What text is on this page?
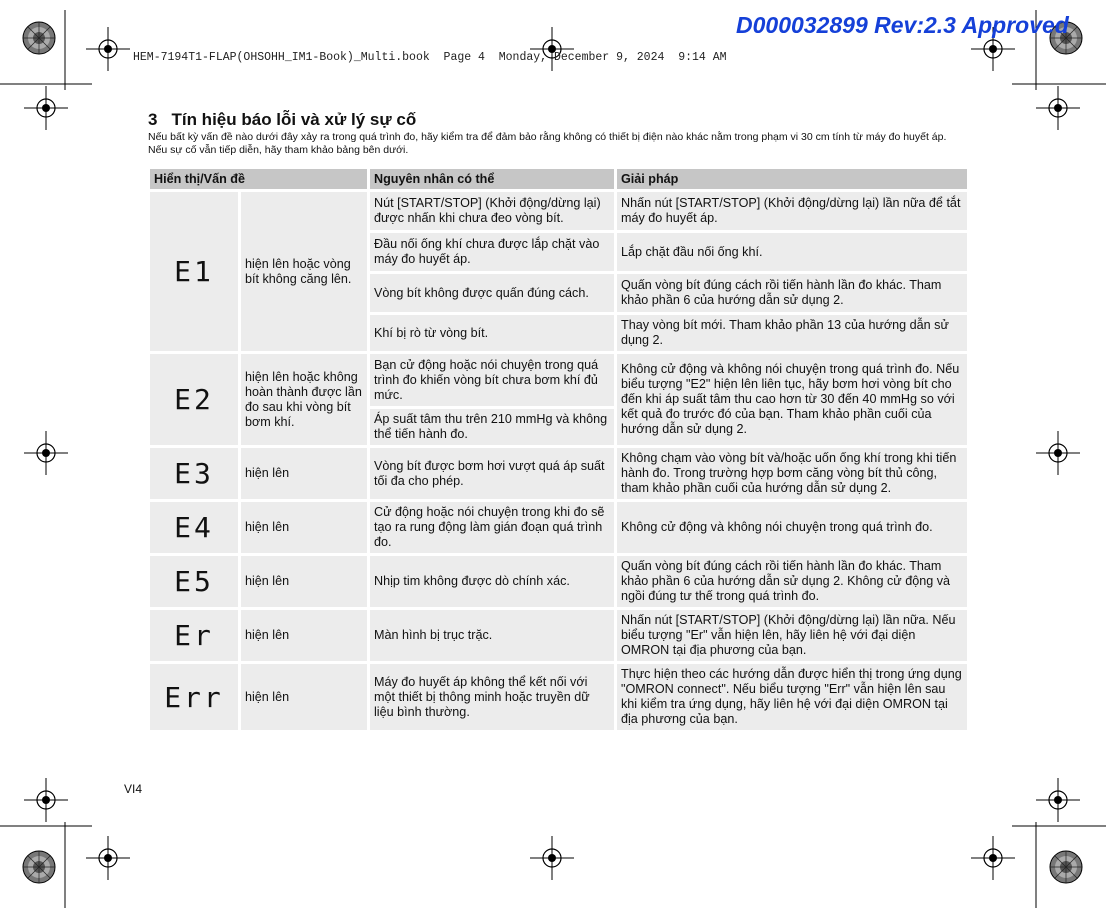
D000032899 Rev:2.3 Approved
HEM-7194T1-FLAP(OHSOHH_IM1-Book)_Multi.book  Page 4  Monday, December 9, 2024  9:14 AM
3 Tín hiệu báo lỗi và xử lý sự cố

Nếu bất kỳ vấn đề nào dưới đây xảy ra trong quá trình đo, hãy kiểm tra để đảm bảo rằng không có thiết bị điện nào khác nằm trong phạm vi 30 cm tính từ máy đo huyết áp. Nếu sự cố vẫn tiếp diễn, hãy tham khảo bảng bên dưới.

Hiển thị/Vấn đề		Nguyên nhân có thể	Giải pháp
E1	hiện lên hoặc vòng bít không căng lên.	Nút [START/STOP] (Khởi động/dừng lại) được nhấn khi chưa đeo vòng bít.	Nhấn nút [START/STOP] (Khởi động/dừng lại) lần nữa để tắt máy đo huyết áp.
		Đầu nối ống khí chưa được lắp chặt vào máy đo huyết áp.	Lắp chặt đầu nối ống khí.
		Vòng bít không được quấn đúng cách.	Quấn vòng bít đúng cách rồi tiến hành lần đo khác. Tham khảo phần 6 của hướng dẫn sử dụng 2.
		Khí bị rò từ vòng bít.	Thay vòng bít mới. Tham khảo phần 13 của hướng dẫn sử dụng 2.
E2	hiện lên hoặc không hoàn thành được lần đo sau khi vòng bít bơm khí.	Bạn cử động hoặc nói chuyện trong quá trình đo khiến vòng bít chưa bơm khí đủ mức.	Không cử động và không nói chuyện trong quá trình đo. Nếu biểu tượng "E2" hiện lên liên tục, hãy bơm hơi vòng bít cho đến khi áp suất tâm thu cao hơn từ 30 đến 40 mmHg so với kết quả đo trước đó của bạn. Tham khảo phần cuối của hướng dẫn sử dụng 2.
		Áp suất tâm thu trên 210 mmHg và không thể tiến hành đo.	
E3	hiện lên	Vòng bít được bơm hơi vượt quá áp suất tối đa cho phép.	Không chạm vào vòng bít và/hoặc uốn ống khí trong khi tiến hành đo. Trong trường hợp bơm căng vòng bít thủ công, tham khảo phần cuối của hướng dẫn sử dụng 2.
E4	hiện lên	Cử động hoặc nói chuyện trong khi đo sẽ tạo ra rung động làm gián đoạn quá trình đo.	Không cử động và không nói chuyện trong quá trình đo.
E5	hiện lên	Nhịp tim không được dò chính xác.	Quấn vòng bít đúng cách rồi tiến hành lần đo khác. Tham khảo phần 6 của hướng dẫn sử dụng 2. Không cử động và ngồi đúng tư thế trong quá trình đo.
Er	hiện lên	Màn hình bị trục trặc.	Nhấn nút [START/STOP] (Khởi động/dừng lại) lần nữa. Nếu biểu tượng "Er" vẫn hiện lên, hãy liên hệ với đại diện OMRON tại địa phương của bạn.
Err	hiện lên	Máy đo huyết áp không thể kết nối với một thiết bị thông minh hoặc truyền dữ liệu bình thường.	Thực hiện theo các hướng dẫn được hiển thị trong ứng dụng "OMRON connect". Nếu biểu tượng "Err" vẫn hiện lên sau khi kiểm tra ứng dụng, hãy liên hệ với đại diện OMRON tại địa phương của bạn.
VI4
